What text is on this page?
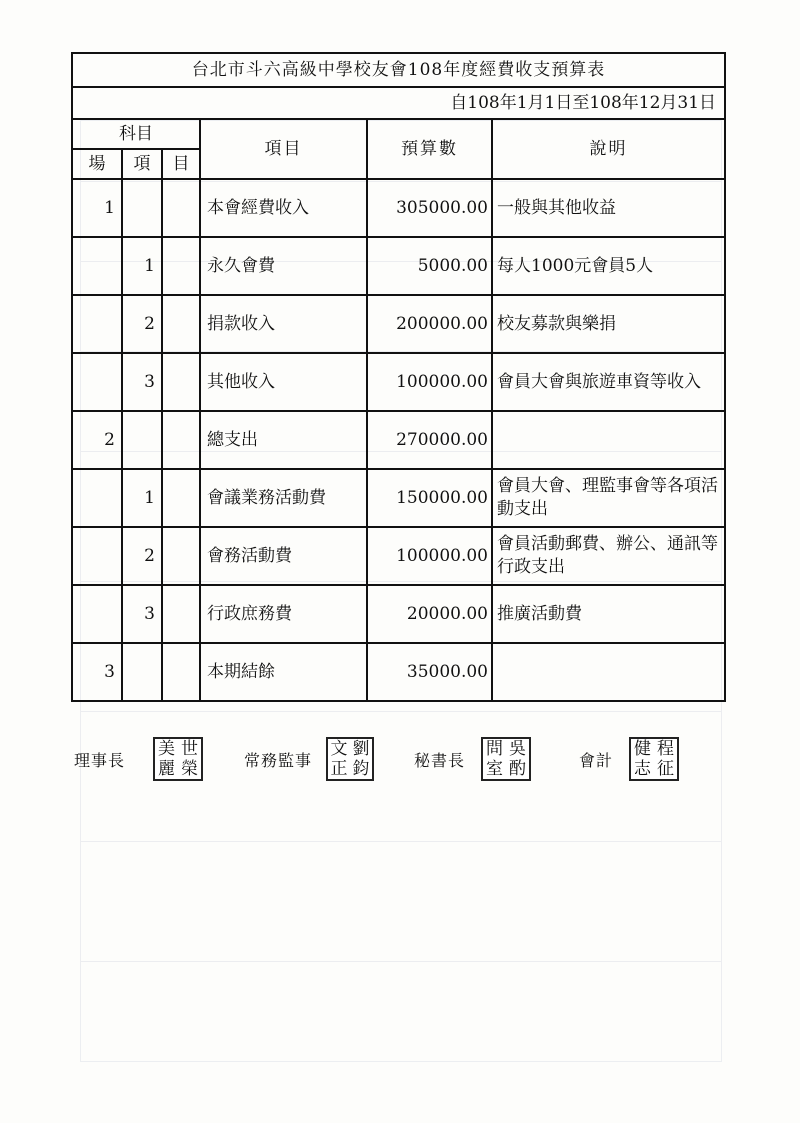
台北市斗六高級中學校友會108年度經費收支預算表					
自108年1月1日至108年12月31日					
科目			項目	預算數	說明
場	項	目			
1			本會經費收入	305000.00	一般與其他收益
	1		永久會費	5000.00	每人1000元會員5人
	2		捐款收入	200000.00	校友募款與樂捐
	3		其他收入	100000.00	會員大會與旅遊車資等收入
2			總支出	270000.00	
	1		會議業務活動費	150000.00	會員大會、理監事會等各項活動支出
	2		會務活動費	100000.00	會員活動郵費、辦公、通訊等行政支出
	3		行政庶務費	20000.00	推廣活動費
3			本期結餘	35000.00	
理事長
美 世
麗 榮	常務監事
文 劉
正 鈞	秘書長
問 吳
室 酌	會計
健 程
志 征
